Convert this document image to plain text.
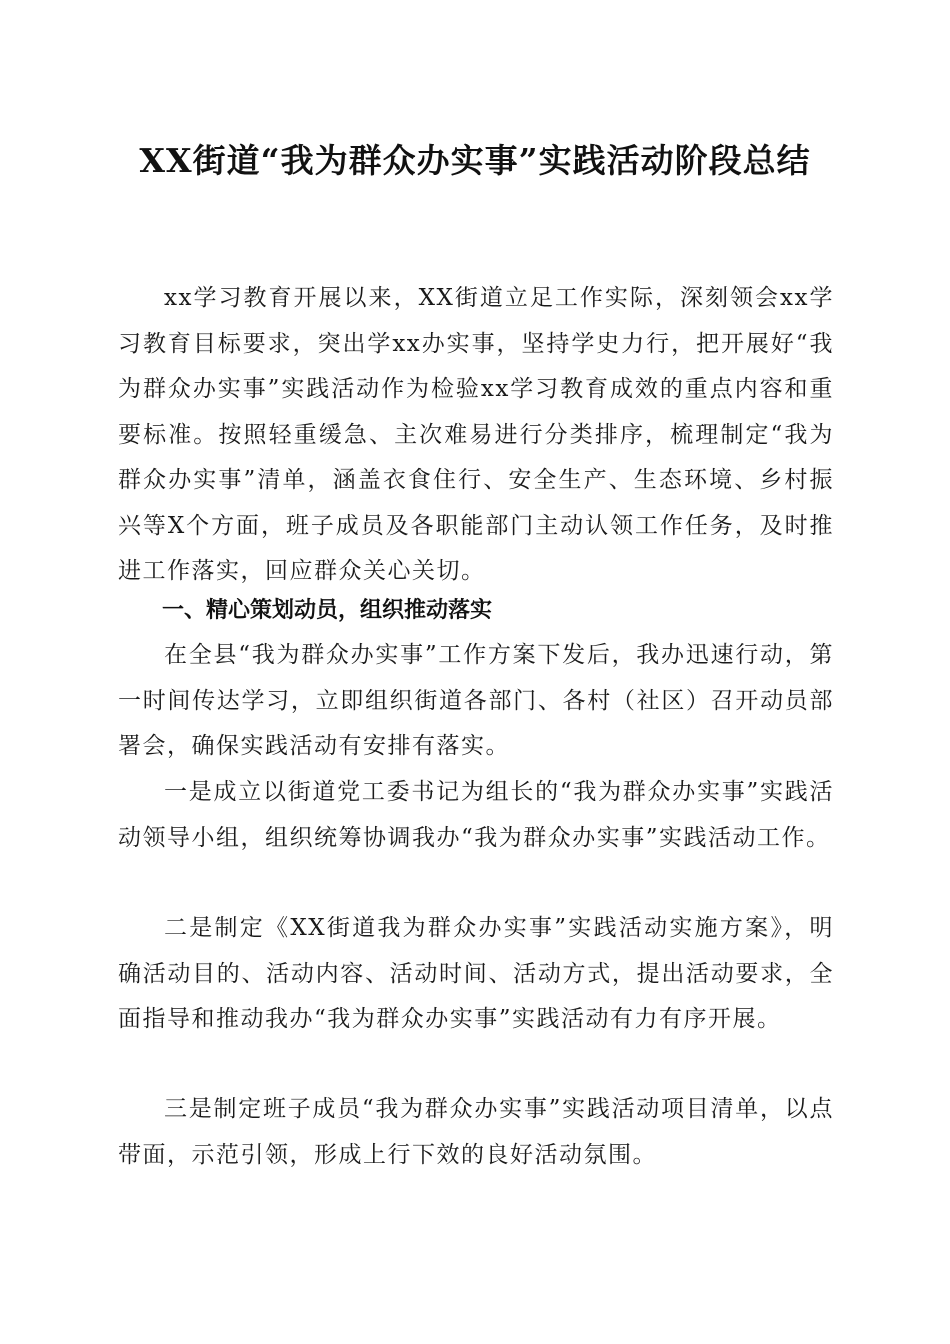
XX街道“我为群众办实事”实践活动阶段总结

xx学习教育开展以来，XX街道立足工作实际，深刻领会xx学习教育目标要求，突出学xx办实事，坚持学史力行，把开展好“我为群众办实事”实践活动作为检验xx学习教育成效的重点内容和重要标准。按照轻重缓急、主次难易进行分类排序，梳理制定“我为群众办实事”清单，涵盖衣食住行、安全生产、生态环境、乡村振兴等X个方面，班子成员及各职能部门主动认领工作任务，及时推进工作落实，回应群众关心关切。

一、精心策划动员，组织推动落实

在全县“我为群众办实事”工作方案下发后，我办迅速行动，第一时间传达学习，立即组织街道各部门、各村（社区）召开动员部署会，确保实践活动有安排有落实。

一是成立以街道党工委书记为组长的“我为群众办实事”实践活动领导小组，组织统筹协调我办“我为群众办实事”实践活动工作。

二是制定《XX街道我为群众办实事”实践活动实施方案》，明确活动目的、活动内容、活动时间、活动方式，提出活动要求，全面指导和推动我办“我为群众办实事”实践活动有力有序开展。

三是制定班子成员“我为群众办实事”实践活动项目清单，以点带面，示范引领，形成上行下效的良好活动氛围。
